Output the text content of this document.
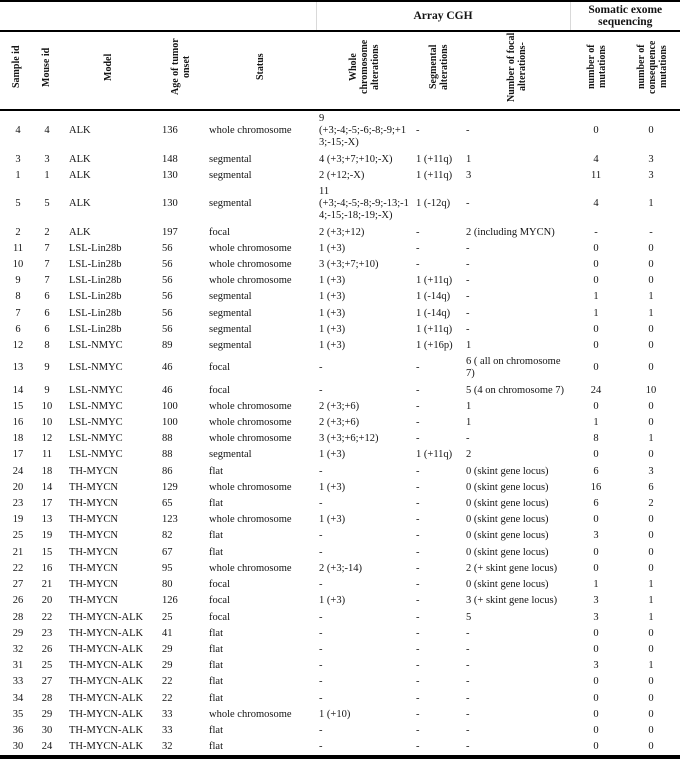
					Array CGH			Somatic exome sequencing	
Sample id	Mouse id	Model	Age of tumor onset	Status	Whole chromosome alterations	Segmental alterations	Number of focal alterations-	number of mutations	number of consequence mutations
4	4	ALK	136	whole chromosome	9 (+3;-4;-5;-6;-8;-9;+13;-15;-X)	-	-	0	0
3	3	ALK	148	segmental	4 (+3;+7;+10;-X)	1 (+11q)	1	4	3
1	1	ALK	130	segmental	2 (+12;-X)	1 (+11q)	3	11	3
5	5	ALK	130	segmental	11 (+3;-4;-5;-8;-9;-13;-14;-15;-18;-19;-X)	1 (-12q)	-	4	1
2	2	ALK	197	focal	2 (+3;+12)	-	2 (including MYCN)	-	-
11	7	LSL-Lin28b	56	whole chromosome	1 (+3)	-	-	0	0
10	7	LSL-Lin28b	56	whole chromosome	3 (+3;+7;+10)	-	-	0	0
9	7	LSL-Lin28b	56	whole chromosome	1 (+3)	1 (+11q)	-	0	0
8	6	LSL-Lin28b	56	segmental	1 (+3)	1 (-14q)	-	1	1
7	6	LSL-Lin28b	56	segmental	1 (+3)	1 (-14q)	-	1	1
6	6	LSL-Lin28b	56	segmental	1 (+3)	1 (+11q)	-	0	0
12	8	LSL-NMYC	89	segmental	1 (+3)	1 (+16p)	1	0	0
13	9	LSL-NMYC	46	focal	-	-	6 ( all on chromosome 7)	0	0
14	9	LSL-NMYC	46	focal	-	-	5 (4 on chromosome 7)	24	10
15	10	LSL-NMYC	100	whole chromosome	2 (+3;+6)	-	1	0	0
16	10	LSL-NMYC	100	whole chromosome	2 (+3;+6)	-	1	1	0
18	12	LSL-NMYC	88	whole chromosome	3 (+3;+6;+12)	-	-	8	1
17	11	LSL-NMYC	88	segmental	1 (+3)	1 (+11q)	2	0	0
24	18	TH-MYCN	86	flat	-	-	0 (skint gene locus)	6	3
20	14	TH-MYCN	129	whole chromosome	1 (+3)	-	0 (skint gene locus)	16	6
23	17	TH-MYCN	65	flat	-	-	0 (skint gene locus)	6	2
19	13	TH-MYCN	123	whole chromosome	1 (+3)	-	0 (skint gene locus)	0	0
25	19	TH-MYCN	82	flat	-	-	0 (skint gene locus)	3	0
21	15	TH-MYCN	67	flat	-	-	0 (skint gene locus)	0	0
22	16	TH-MYCN	95	whole chromosome	2 (+3;-14)	-	2 (+ skint gene locus)	0	0
27	21	TH-MYCN	80	focal	-	-	0 (skint gene locus)	1	1
26	20	TH-MYCN	126	focal	1 (+3)	-	3 (+ skint gene locus)	3	1
28	22	TH-MYCN-ALK	25	focal	-	-	5	3	1
29	23	TH-MYCN-ALK	41	flat	-	-	-	0	0
32	26	TH-MYCN-ALK	29	flat	-	-	-	0	0
31	25	TH-MYCN-ALK	29	flat	-	-	-	3	1
33	27	TH-MYCN-ALK	22	flat	-	-	-	0	0
34	28	TH-MYCN-ALK	22	flat	-	-	-	0	0
35	29	TH-MYCN-ALK	33	whole chromosome	1 (+10)	-	-	0	0
36	30	TH-MYCN-ALK	33	flat	-	-	-	0	0
30	24	TH-MYCN-ALK	32	flat	-	-	-	0	0
